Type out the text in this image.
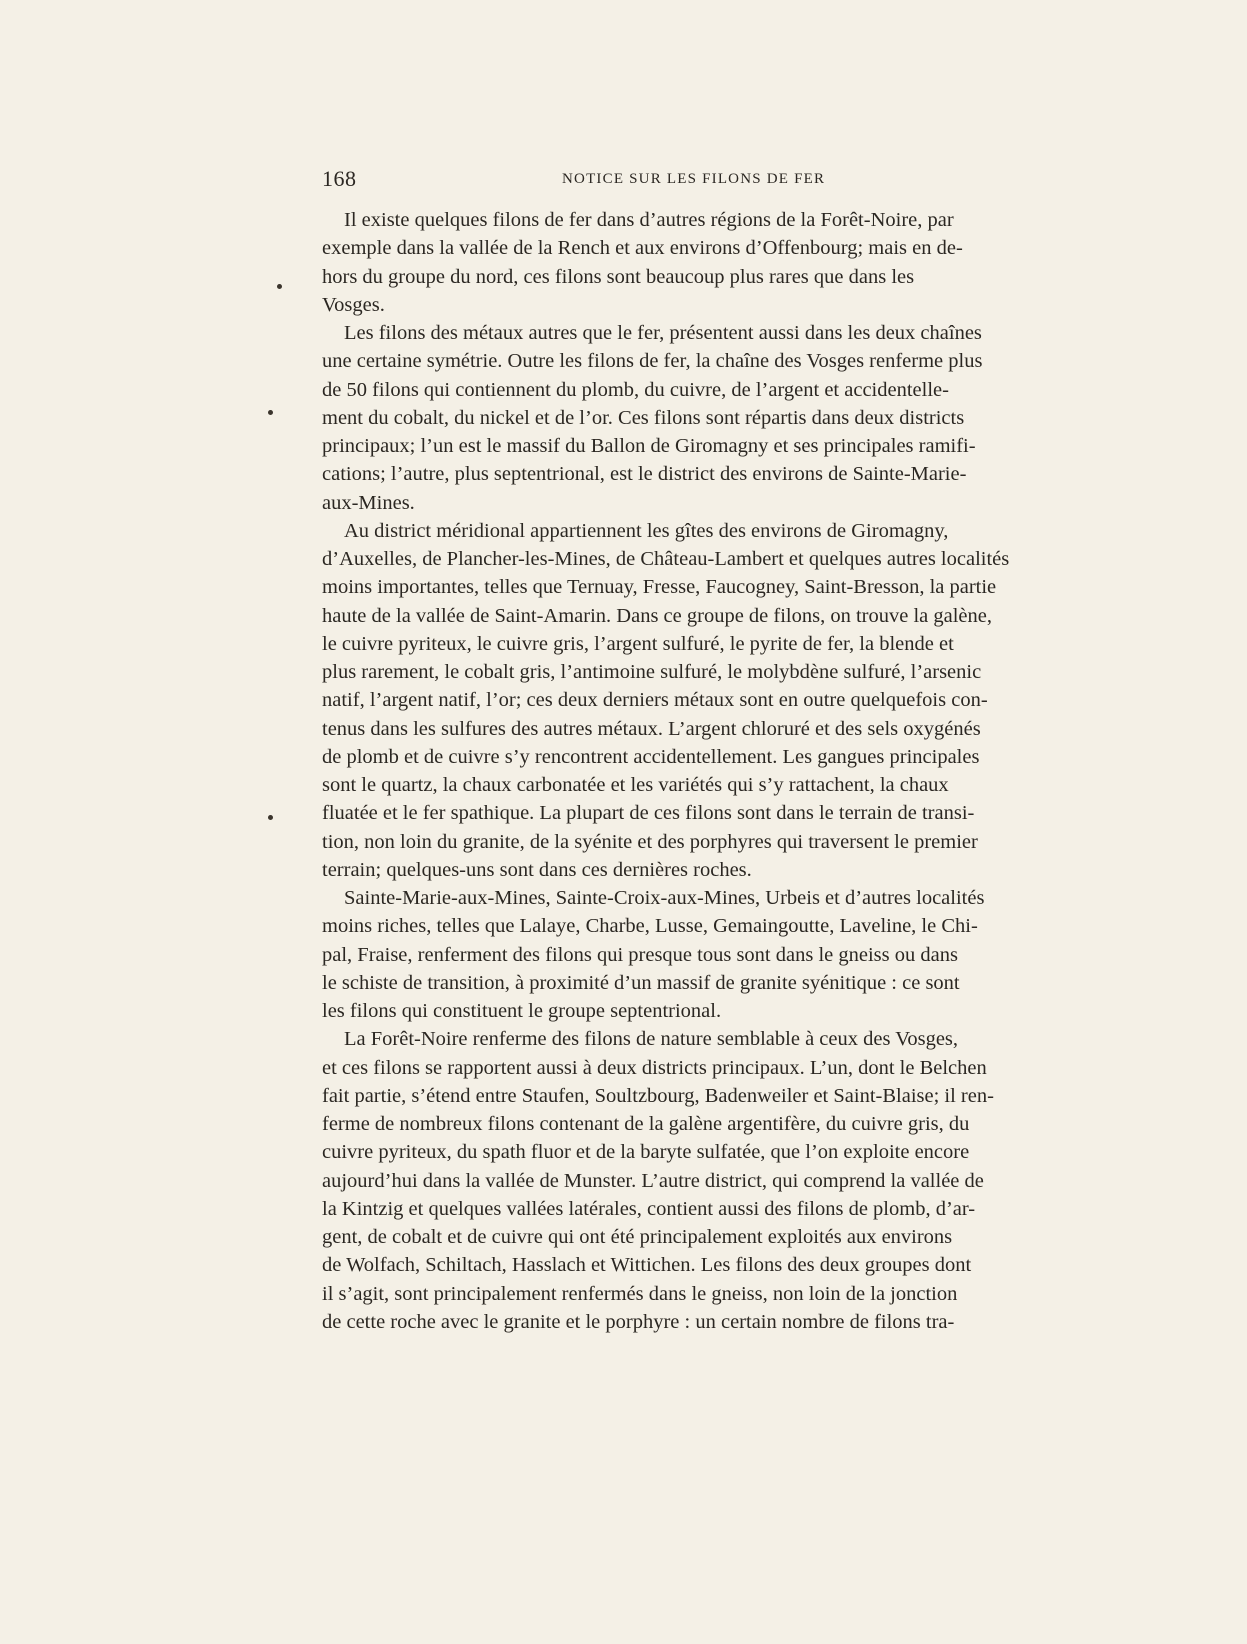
168	NOTICE SUR LES FILONS DE FER
Il existe quelques filons de fer dans d’autres régions de la Forêt-Noire, par
exemple dans la vallée de la Rench et aux environs d’Offenbourg; mais en de-
hors du groupe du nord, ces filons sont beaucoup plus rares que dans les
Vosges.
Les filons des métaux autres que le fer, présentent aussi dans les deux chaînes
une certaine symétrie. Outre les filons de fer, la chaîne des Vosges renferme plus
de 50 filons qui contiennent du plomb, du cuivre, de l’argent et accidentelle-
ment du cobalt, du nickel et de l’or. Ces filons sont répartis dans deux districts
principaux; l’un est le massif du Ballon de Giromagny et ses principales ramifi-
cations; l’autre, plus septentrional, est le district des environs de Sainte-Marie-
aux-Mines.
Au district méridional appartiennent les gîtes des environs de Giromagny,
d’Auxelles, de Plancher-les-Mines, de Château-Lambert et quelques autres localités
moins importantes, telles que Ternuay, Fresse, Faucogney, Saint-Bresson, la partie
haute de la vallée de Saint-Amarin. Dans ce groupe de filons, on trouve la galène,
le cuivre pyriteux, le cuivre gris, l’argent sulfuré, le pyrite de fer, la blende et
plus rarement, le cobalt gris, l’antimoine sulfuré, le molybdène sulfuré, l’arsenic
natif, l’argent natif, l’or; ces deux derniers métaux sont en outre quelquefois con-
tenus dans les sulfures des autres métaux. L’argent chloruré et des sels oxygénés
de plomb et de cuivre s’y rencontrent accidentellement. Les gangues principales
sont le quartz, la chaux carbonatée et les variétés qui s’y rattachent, la chaux
fluatée et le fer spathique. La plupart de ces filons sont dans le terrain de transi-
tion, non loin du granite, de la syénite et des porphyres qui traversent le premier
terrain; quelques-uns sont dans ces dernières roches.
Sainte-Marie-aux-Mines, Sainte-Croix-aux-Mines, Urbeis et d’autres localités
moins riches, telles que Lalaye, Charbe, Lusse, Gemaingoutte, Laveline, le Chi-
pal, Fraise, renferment des filons qui presque tous sont dans le gneiss ou dans
le schiste de transition, à proximité d’un massif de granite syénitique : ce sont
les filons qui constituent le groupe septentrional.
La Forêt-Noire renferme des filons de nature semblable à ceux des Vosges,
et ces filons se rapportent aussi à deux districts principaux. L’un, dont le Belchen
fait partie, s’étend entre Staufen, Soultzbourg, Badenweiler et Saint-Blaise; il ren-
ferme de nombreux filons contenant de la galène argentifère, du cuivre gris, du
cuivre pyriteux, du spath fluor et de la baryte sulfatée, que l’on exploite encore
aujourd’hui dans la vallée de Munster. L’autre district, qui comprend la vallée de
la Kintzig et quelques vallées latérales, contient aussi des filons de plomb, d’ar-
gent, de cobalt et de cuivre qui ont été principalement exploités aux environs
de Wolfach, Schiltach, Hasslach et Wittichen. Les filons des deux groupes dont
il s’agit, sont principalement renfermés dans le gneiss, non loin de la jonction
de cette roche avec le granite et le porphyre : un certain nombre de filons tra-
